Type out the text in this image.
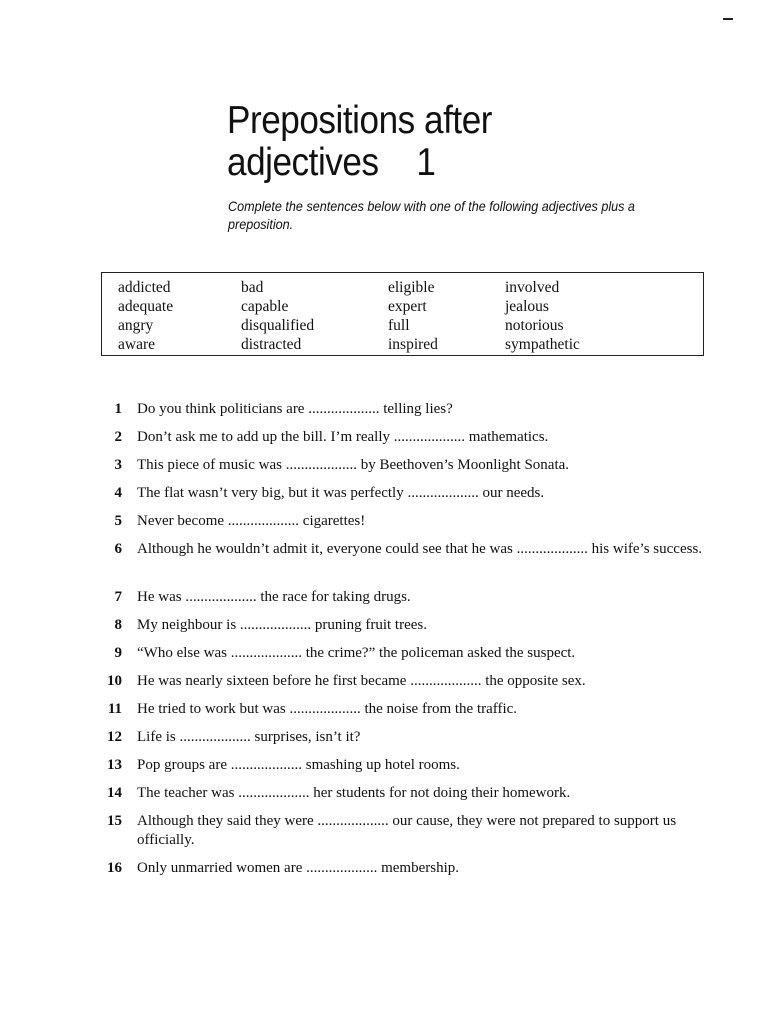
Prepositions after
adjectives 1

Complete the sentences below with one of the following adjectives plus a preposition.

addicted
adequate
angry
aware
bad
capable
disqualified
distracted
eligible
expert
full
inspired
involved
jealous
notorious
sympathetic
1 Do you think politicians are ................... telling lies?
2 Don’t ask me to add up the bill. I’m really ................... mathematics.
3 This piece of music was ................... by Beethoven’s Moonlight Sonata.
4 The flat wasn’t very big, but it was perfectly ................... our needs.
5 Never become ................... cigarettes!
6 Although he wouldn’t admit it, everyone could see that he was ................... his wife’s success.
7 He was ................... the race for taking drugs.
8 My neighbour is ................... pruning fruit trees.
9 “Who else was ................... the crime?” the policeman asked the suspect.
10 He was nearly sixteen before he first became ................... the opposite sex.
11 He tried to work but was ................... the noise from the traffic.
12 Life is ................... surprises, isn’t it?
13 Pop groups are ................... smashing up hotel rooms.
14 The teacher was ................... her students for not doing their homework.
15 Although they said they were ................... our cause, they were not prepared to support us officially.
16 Only unmarried women are ................... membership.
